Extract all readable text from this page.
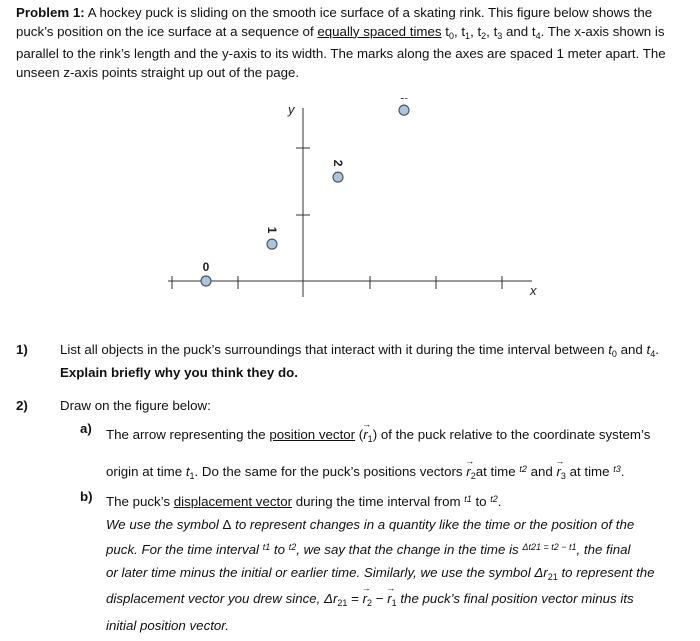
Problem 1: A hockey puck is sliding on the smooth ice surface of a skating rink. This figure below shows the puck’s position on the ice surface at a sequence of equally spaced times $t_0$, $t_1$, $t_2$, $t_3$ and $t_4$. The x-axis shown is parallel to the rink’s length and the y-axis to its width. The marks along the axes are spaced 1 meter apart. The unseen z-axis points straight up out of the page.
y
x
0
1
2
1) List all objects in the puck’s surroundings that interact with it during the time interval between $t_0$ and $t_4$.
Explain briefly why you think they do.
2) Draw on the figure below:
a) The arrow representing the position vector (→ $r_1$) of the puck relative to the coordinate system’s
origin at time $t_1$. Do the same for the puck’s positions vectors → $r_2at$ time $^{t2}$ and → $r_3$ at time $^{t3}$.
b) The puck’s displacement vector during the time interval from $^{t1}$ to $^{t2}$.
We use the symbol Δ to represent changes in a quantity like the time or the position of the
puck. For the time interval $^{t1}$ to $^{t2}$, we say that the change in the time is $^{\Delta t21 = t2 - t1}$, the final
or later time minus the initial or earlier time. Similarly, we use the symbol $\Delta r_{21}$ to represent the
displacement vector you drew since, $\Delta r_{21}$ = → $r_2$ − → $r_1$ the puck’s final position vector minus its
initial position vector.
